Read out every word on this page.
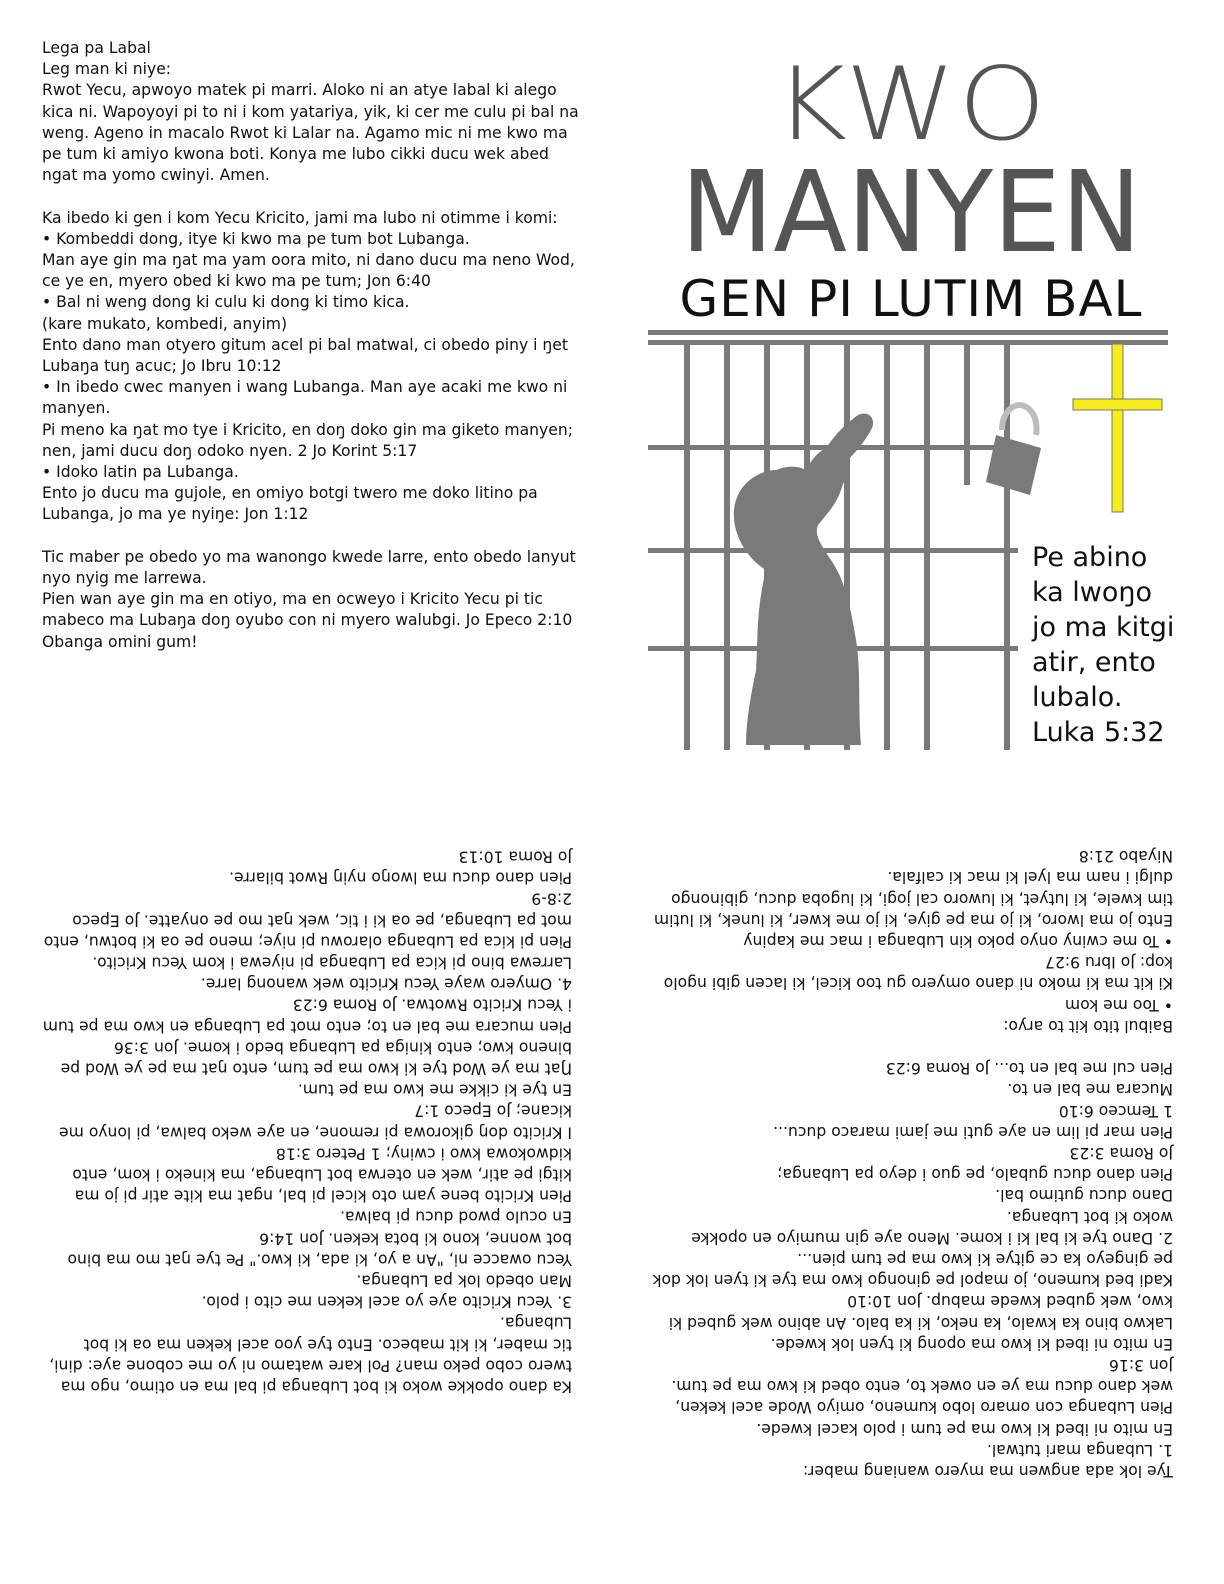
Lega pa Labal
Leg man ki niye:
Rwot Yecu, apwoyo matek pi marri. Aloko ni an atye labal ki alego kica ni. Wapoyoyi pi to ni i kom yatariya, yik, ki cer me culu pi bal na weng. Ageno in macalo Rwot ki Lalar na. Agamo mic ni me kwo ma pe tum ki amiyo kwona boti. Konya me lubo cikki ducu wek abed ngat ma yomo cwinyi. Amen.

Ka ibedo ki gen i kom Yecu Kricito, jami ma lubo ni otimme i komi:
• Kombeddi dong, itye ki kwo ma pe tum bot Lubanga.
Man aye gin ma ŋat ma yam oora mito, ni dano ducu ma neno Wod, ce ye en, myero obed ki kwo ma pe tum; Jon 6:40
• Bal ni weng dong ki culu ki dong ki timo kica.
(kare mukato, kombedi, anyim)
Ento dano man otyero gitum acel pi bal matwal, ci obedo piny i ŋet Lubaŋa tuŋ acuc; Jo Ibru 10:12
• In ibedo cwec manyen i wang Lubanga. Man aye acaki me kwo ni manyen.
Pi meno ka ŋat mo tye i Kricito, en doŋ doko gin ma giketo manyen; nen, jami ducu doŋ odoko nyen. 2 Jo Korint 5:17
• Idoko latin pa Lubanga.
Ento jo ducu ma gujole, en omiyo botgi twero me doko litino pa Lubanga, jo ma ye nyiŋe: Jon 1:12

Tic maber pe obedo yo ma wanongo kwede larre, ento obedo lanyut nyo nyig me larrewa.
Pien wan aye gin ma en otiyo, ma en ocweyo i Kricito Yecu pi tic mabeco ma Lubaŋa doŋ oyubo con ni myero walubgi. Jo Epeco 2:10
Obanga omini gum!
KWO
MANYEN
GEN PI LUTIM BAL
Pe abino
ka lwoŋo
jo ma kitgi
atir, ento
lubalo.
Luka 5:32
Ka dano opokke woko ki bot Lubanga pi bal ma en otimo, ngo ma twero cobo peko man? Pol kare watamo ni yo me cobone aye: dini, tic maber, ki kit mabeco. Ento tye yoo acel keken ma oa ki bot Lubanga.
3. Yecu Kricito aye yo acel keken me cito i polo.
Man obedo lok pa Lubanga.
Yecu owacce ni, "An a yo, ki ada, ki kwo." Pe tye ŋat mo ma bino bot wonne, kono ki bota keken. Jon 14:6
En oculo pwod ducu pi balwa.
Pien Kricito bene yam oto kicel pi bal, ngat ma kite atir pi jo ma kitgi pe atir, wek en oterwa bot Lubanga, ma kineko i kom, ento kidwokowa kwo i cwiny; 1 Petero 3:18
I Kricito doŋ gikorowa pi remone, en aye weko balwa, pi lonyo me kicane; Jo Epeco 1:7
En tye ki cikke me kwo ma pe tum.
Ŋat ma ye Wod tye ki kwo ma pe tum, ento ŋat ma pe ye Wod pe bineno kwo; ento kiniga pa Lubanga bedo i kome. Jon 3:36
Pien mucara me bal en to; ento mot pa Lubanga en kwo ma pe tum i Yecu Kricito Rwotwa. Jo Roma 6:23
4. Omyero waye Yecu Kricito wek wanong larre.
Larrewa bino pi kica pa Lubanga pi niyewa i kom Yecu Kricito.
Pien pi kica pa Lubanga olarowu pi niye; meno pe oa ki botwu, ento mot pa Lubanga, pe oa ki i tic, wek ŋat mo pe onyatte. Jo Epeco 2:8-9
Pien dano ducu ma lwoŋo nyiŋ Rwot bilarre.
Jo Roma 10:13
Tye lok ada angwen ma myero waniang maber:
1. Lubanga mari tutwal.
En mito ni ibed ki kwo ma pe tum i polo kacel kwede.
Pien Lubanga con omaro lobo kumeno, omiyo Wode acel keken, wek dano ducu ma ye en owek to, ento obed ki kwo ma pe tum. Jon 3:16
En mito ni ibed ki kwo ma opong ki tyen lok kwede.
Lakwo bino ka kwalo, ka neko, ki ka balo. An abino wek gubed ki kwo, wek gubed kwede mabup. Jon 10:10
Kadi bed kumeno, jo mapol pe ginongo kwo ma tye ki tyen lok dok pe gingeyo ka ce gitye ki kwo ma pe tum pien...
2. Dano tye ki bal ki i kome. Meno aye gin mumiyo en opokke woko ki bot Lubanga.
Dano ducu gutimo bal.
Pien dano ducu gubalo, pe guo i deyo pa Lubanga;
Jo Roma 3:23
Pien mar pi lim en aye guti me jami maraco ducu...
1 Temceo 6:10
Mucara me bal en to.
Pien cul me bal en to... Jo Roma 6:23

Baibul tito kit to aryo:
• Too me kom
Ki kit ma ki moko ni dano omyero gu too kicel, ki lacen gibi ngolo kop: Jo Ibru 9:27
• To me cwiny onyo poko kin Lubanga i mac me kapiny
Ento jo ma lworo, ki jo ma pe giye, ki jo me kwer, ki lunek, ki lutim tim kwele, ki lutyet, ki luworo cal jogi, ki lugoba ducu, gibinongo dulgi i nam ma lyel ki mac ki calfala.
Niyabo 21:8
